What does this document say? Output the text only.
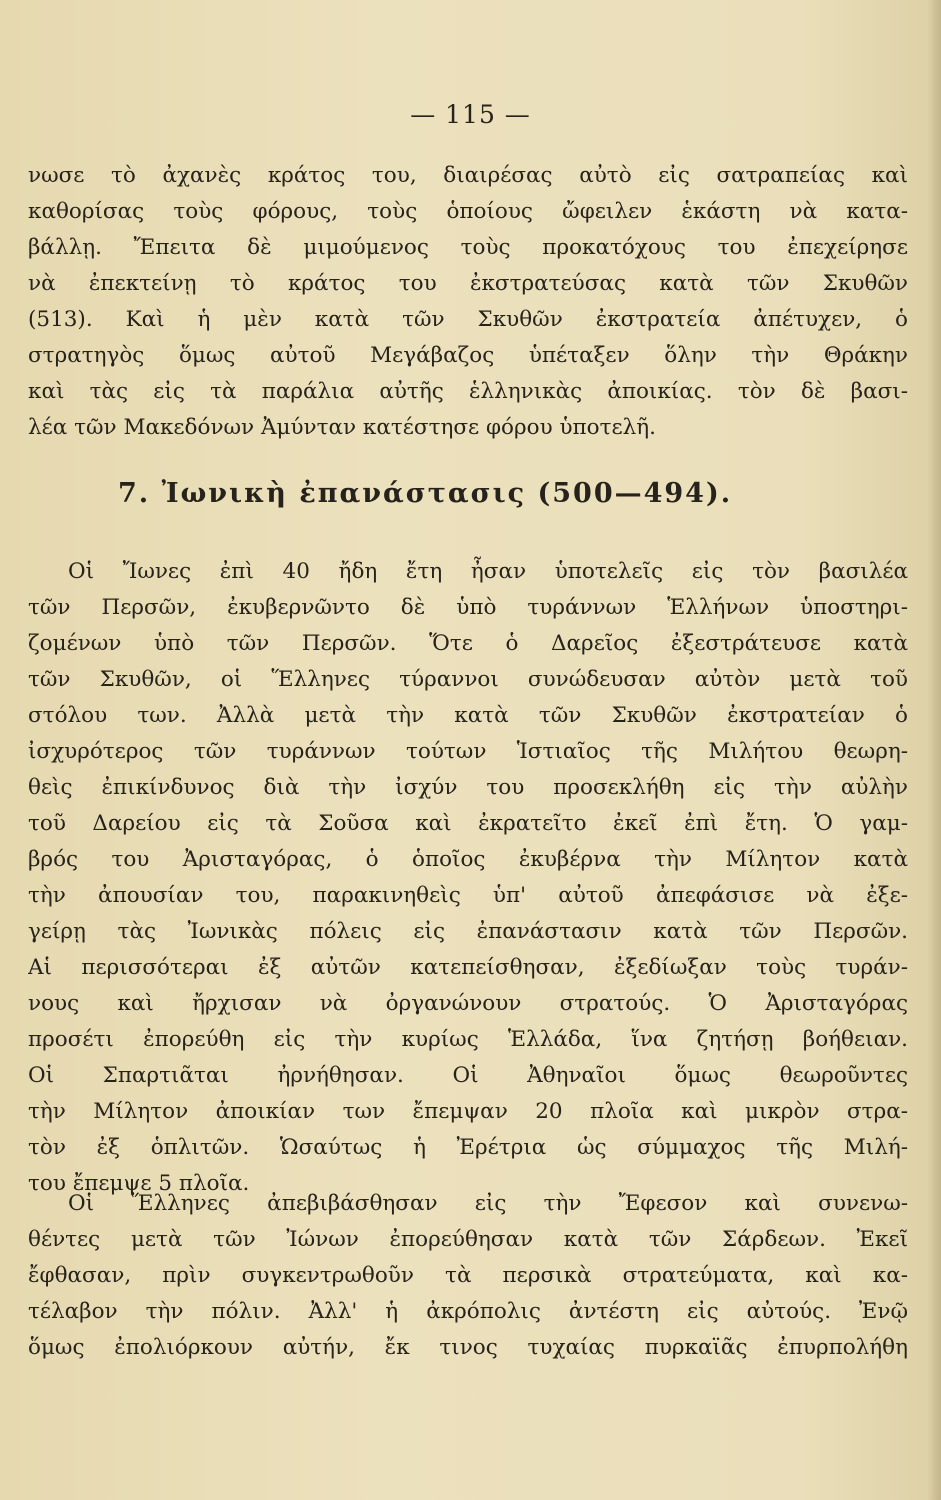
— 115 —
νωσε τὸ ἀχανὲς κράτος του, διαιρέσας αὐτὸ εἰς σατραπείας καὶ
καθορίσας τοὺς φόρους, τοὺς ὁποίους ὤφειλεν ἑκάστη νὰ κατα-
βάλλῃ. Ἔπειτα δὲ μιμούμενος τοὺς προκατόχους του ἐπεχείρησε
νὰ ἐπεκτείνῃ τὸ κράτος του ἐκστρατεύσας κατὰ τῶν Σκυθῶν
(513). Καὶ ἡ μὲν κατὰ τῶν Σκυθῶν ἐκστρατεία ἀπέτυχεν, ὁ
στρατηγὸς ὅμως αὐτοῦ Μεγάβαζος ὑπέταξεν ὅλην τὴν Θράκην
καὶ τὰς εἰς τὰ παράλια αὐτῆς ἑλληνικὰς ἀποικίας. τὸν δὲ βασι-
λέα τῶν Μακεδόνων Ἀμύνταν κατέστησε φόρου ὑποτελῆ.
7. Ἰωνικὴ ἐπανάστασις (500—494).
Οἱ Ἴωνες ἐπὶ 40 ἤδη ἔτη ἦσαν ὑποτελεῖς εἰς τὸν βασιλέα
τῶν Περσῶν, ἐκυβερνῶντο δὲ ὑπὸ τυράννων Ἑλλήνων ὑποστηρι-
ζομένων ὑπὸ τῶν Περσῶν. Ὅτε ὁ Δαρεῖος ἐξεστράτευσε κατὰ
τῶν Σκυθῶν, οἱ Ἕλληνες τύραννοι συνώδευσαν αὐτὸν μετὰ τοῦ
στόλου των. Ἀλλὰ μετὰ τὴν κατὰ τῶν Σκυθῶν ἐκστρατείαν ὁ
ἰσχυρότερος τῶν τυράννων τούτων Ἱστιαῖος τῆς Μιλήτου θεωρη-
θεὶς ἐπικίνδυνος διὰ τὴν ἰσχύν του προσεκλήθη εἰς τὴν αὐλὴν
τοῦ Δαρείου εἰς τὰ Σοῦσα καὶ ἐκρατεῖτο ἐκεῖ ἐπὶ ἔτη. Ὁ γαμ-
βρός του Ἀρισταγόρας, ὁ ὁποῖος ἐκυβέρνα τὴν Μίλητον κατὰ
τὴν ἀπουσίαν του, παρακινηθεὶς ὑπ' αὐτοῦ ἀπεφάσισε νὰ ἐξε-
γείρῃ τὰς Ἰωνικὰς πόλεις εἰς ἐπανάστασιν κατὰ τῶν Περσῶν.
Αἱ περισσότεραι ἐξ αὐτῶν κατεπείσθησαν, ἐξεδίωξαν τοὺς τυράν-
νους καὶ ἤρχισαν νὰ ὀργανώνουν στρατούς. Ὁ Ἀρισταγόρας
προσέτι ἐπορεύθη εἰς τὴν κυρίως Ἑλλάδα, ἵνα ζητήσῃ βοήθειαν.
Οἱ Σπαρτιᾶται ἠρνήθησαν. Οἱ Ἀθηναῖοι ὅμως θεωροῦντες
τὴν Μίλητον ἀποικίαν των ἔπεμψαν 20 πλοῖα καὶ μικρὸν στρα-
τὸν ἐξ ὁπλιτῶν. Ὡσαύτως ἡ Ἐρέτρια ὡς σύμμαχος τῆς Μιλή-
του ἔπεμψε 5 πλοῖα.
Οἱ Ἕλληνες ἀπεβιβάσθησαν εἰς τὴν Ἔφεσον καὶ συνενω-
θέντες μετὰ τῶν Ἰώνων ἐπορεύθησαν κατὰ τῶν Σάρδεων. Ἐκεῖ
ἔφθασαν, πρὶν συγκεντρωθοῦν τὰ περσικὰ στρατεύματα, καὶ κα-
τέλαβον τὴν πόλιν. Ἀλλ' ἡ ἀκρόπολις ἀντέστη εἰς αὐτούς. Ἐνῷ
ὅμως ἐπολιόρκουν αὐτήν, ἔκ τινος τυχαίας πυρκαϊᾶς ἐπυρπολήθη
